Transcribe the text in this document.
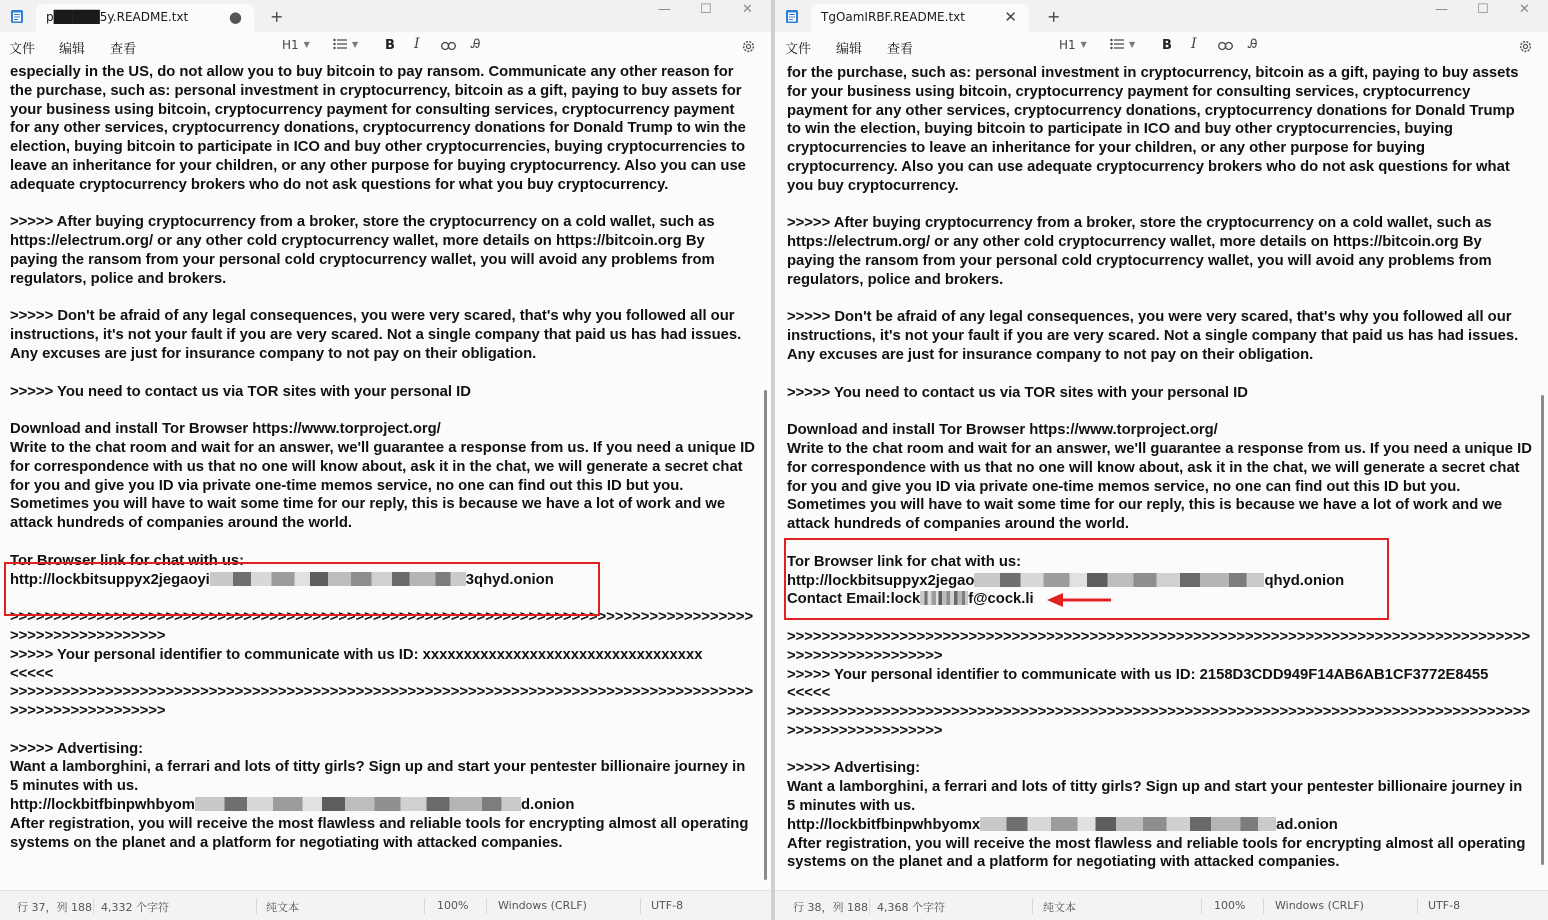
p█████5y.README.txt	● +	— ☐ ✕
文件 编辑 查看	H1 ▼	▼ B I	Ꭿ
especially in the US, do not allow you to buy bitcoin to pay ransom. Communicate any other reason for the purchase, such as: personal investment in cryptocurrency, bitcoin as a gift, paying to buy assets for your business using bitcoin, cryptocurrency payment for consulting services, cryptocurrency payment for any other services, cryptocurrency donations, cryptocurrency donations for Donald Trump to win the election, buying bitcoin to participate in ICO and buy other cryptocurrencies, buying cryptocurrencies to leave an inheritance for your children, or any other purpose for buying cryptocurrency. Also you can use adequate cryptocurrency brokers who do not ask questions for what you buy cryptocurrency.

>>>>> After buying cryptocurrency from a broker, store the cryptocurrency on a cold wallet, such as https://electrum.org/ or any other cold cryptocurrency wallet, more details on https://bitcoin.org By paying the ransom from your personal cold cryptocurrency wallet, you will avoid any problems from regulators, police and brokers.

>>>>> Don't be afraid of any legal consequences, you were very scared, that's why you followed all our instructions, it's not your fault if you are very scared. Not a single company that paid us has had issues. Any excuses are just for insurance company to not pay on their obligation.

>>>>> You need to contact us via TOR sites with your personal ID

Download and install Tor Browser https://www.torproject.org/
Write to the chat room and wait for an answer, we'll guarantee a response from us. If you need a unique ID for correspondence with us that no one will know about, ask it in the chat, we will generate a secret chat for you and give you ID via private one-time memos service, no one can find out this ID but you. Sometimes you will have to wait some time for our reply, this is because we have a lot of work and we attack hundreds of companies around the world.

Tor Browser link for chat with us:
http://lockbitsuppyx2jegaoyi	3qhyd.onion

>>>>>>>>>>>>>>>>>>>>>>>>>>>>>>>>>>>>>>>>>>>>>>>>>>>>>>>>>>>>>>>>>>>>>>>>>>>>>>>>>>>>>>>>>>>>>>>>>>>>>>>>
>>>>> Your personal identifier to communicate with us ID: xxxxxxxxxxxxxxxxxxxxxxxxxxxxxxxxxx
<<<<<
>>>>>>>>>>>>>>>>>>>>>>>>>>>>>>>>>>>>>>>>>>>>>>>>>>>>>>>>>>>>>>>>>>>>>>>>>>>>>>>>>>>>>>>>>>>>>>>>>>>>>>>>

>>>>> Advertising:
Want a lamborghini, a ferrari and lots of titty girls? Sign up and start your pentester billionaire journey in 5 minutes with us.
http://lockbitfbinpwhbyom	d.onion
After registration, you will receive the most flawless and reliable tools for encrypting almost all operating systems on the planet and a platform for negotiating with attacked companies.
行 37，列 188 4,332 个字符	纯文本	100%	Windows (CRLF)	UTF-8
TgOamIRBF.README.txt	✕ +	— ☐ ✕
文件 编辑 查看	H1 ▼	▼ B I	Ꭿ
for the purchase, such as: personal investment in cryptocurrency, bitcoin as a gift, paying to buy assets for your business using bitcoin, cryptocurrency payment for consulting services, cryptocurrency payment for any other services, cryptocurrency donations, cryptocurrency donations for Donald Trump to win the election, buying bitcoin to participate in ICO and buy other cryptocurrencies, buying cryptocurrencies to leave an inheritance for your children, or any other purpose for buying cryptocurrency. Also you can use adequate cryptocurrency brokers who do not ask questions for what you buy cryptocurrency.

>>>>> After buying cryptocurrency from a broker, store the cryptocurrency on a cold wallet, such as https://electrum.org/ or any other cold cryptocurrency wallet, more details on https://bitcoin.org By paying the ransom from your personal cold cryptocurrency wallet, you will avoid any problems from regulators, police and brokers.

>>>>> Don't be afraid of any legal consequences, you were very scared, that's why you followed all our instructions, it's not your fault if you are very scared. Not a single company that paid us has had issues. Any excuses are just for insurance company to not pay on their obligation.

>>>>> You need to contact us via TOR sites with your personal ID

Download and install Tor Browser https://www.torproject.org/
Write to the chat room and wait for an answer, we'll guarantee a response from us. If you need a unique ID for correspondence with us that no one will know about, ask it in the chat, we will generate a secret chat for you and give you ID via private one-time memos service, no one can find out this ID but you. Sometimes you will have to wait some time for our reply, this is because we have a lot of work and we attack hundreds of companies around the world.

Tor Browser link for chat with us:
http://lockbitsuppyx2jegao	qhyd.onion
Contact Email:lock	f@cock.li

>>>>>>>>>>>>>>>>>>>>>>>>>>>>>>>>>>>>>>>>>>>>>>>>>>>>>>>>>>>>>>>>>>>>>>>>>>>>>>>>>>>>>>>>>>>>>>>>>>>>>>>>
>>>>> Your personal identifier to communicate with us ID: 2158D3CDD949F14AB6AB1CF3772E8455
<<<<<
>>>>>>>>>>>>>>>>>>>>>>>>>>>>>>>>>>>>>>>>>>>>>>>>>>>>>>>>>>>>>>>>>>>>>>>>>>>>>>>>>>>>>>>>>>>>>>>>>>>>>>>>

>>>>> Advertising:
Want a lamborghini, a ferrari and lots of titty girls? Sign up and start your pentester billionaire journey in 5 minutes with us.
http://lockbitfbinpwhbyomx	ad.onion
After registration, you will receive the most flawless and reliable tools for encrypting almost all operating systems on the planet and a platform for negotiating with attacked companies.
行 38，列 188 4,368 个字符	纯文本	100%	Windows (CRLF)	UTF-8
